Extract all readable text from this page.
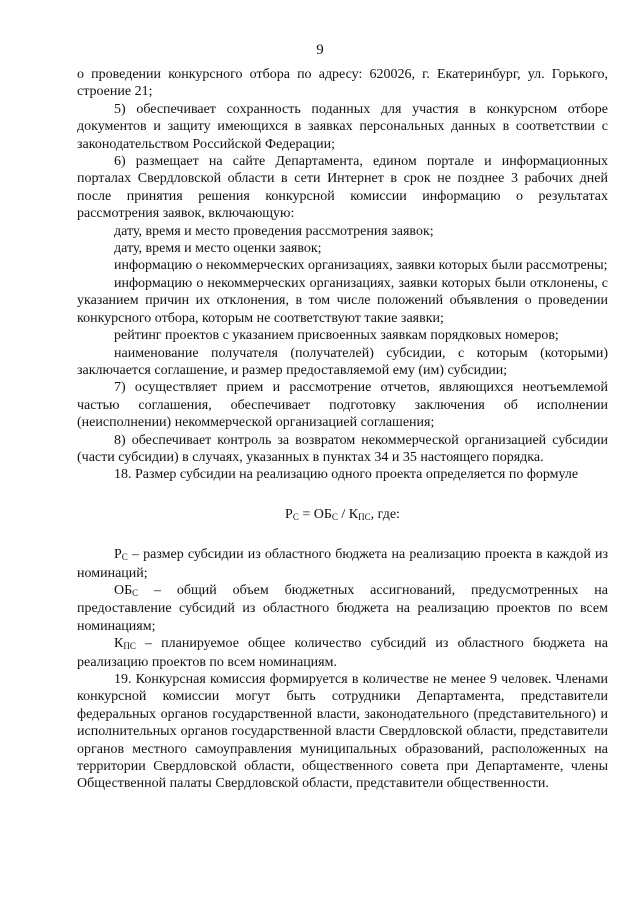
9

о проведении конкурсного отбора по адресу: 620026, г. Екатеринбург, ул. Горького, строение 21;

5) обеспечивает сохранность поданных для участия в конкурсном отборе документов и защиту имеющихся в заявках персональных данных в соответствии с законодательством Российской Федерации;

6) размещает на сайте Департамента, едином портале и информационных порталах Свердловской области в сети Интернет в срок не позднее 3 рабочих дней после принятия решения конкурсной комиссии информацию о результатах рассмотрения заявок, включающую:

дату, время и место проведения рассмотрения заявок;

дату, время и место оценки заявок;

информацию о некоммерческих организациях, заявки которых были рассмотрены;

информацию о некоммерческих организациях, заявки которых были отклонены, с указанием причин их отклонения, в том числе положений объявления о проведении конкурсного отбора, которым не соответствуют такие заявки;

рейтинг проектов с указанием присвоенных заявкам порядковых номеров;

наименование получателя (получателей) субсидии, с которым (которыми) заключается соглашение, и размер предоставляемой ему (им) субсидии;

7) осуществляет прием и рассмотрение отчетов, являющихся неотъемлемой частью соглашения, обеспечивает подготовку заключения об исполнении (неисполнении) некоммерческой организацией соглашения;

8) обеспечивает контроль за возвратом некоммерческой организацией субсидии (части субсидии) в случаях, указанных в пунктах 34 и 35 настоящего порядка.

18. Размер субсидии на реализацию одного проекта определяется по формуле

$Р_С = ОБ_С / К_{ПС}$, где:

$Р_С$ – размер субсидии из областного бюджета на реализацию проекта в каждой из номинаций;

$ОБ_С$ – общий объем бюджетных ассигнований, предусмотренных на предоставление субсидий из областного бюджета на реализацию проектов по всем номинациям;

$К_{ПС}$ – планируемое общее количество субсидий из областного бюджета на реализацию проектов по всем номинациям.

19. Конкурсная комиссия формируется в количестве не менее 9 человек. Членами конкурсной комиссии могут быть сотрудники Департамента, представители федеральных органов государственной власти, законодательного (представительного) и исполнительных органов государственной власти Свердловской области, представители органов местного самоуправления муниципальных образований, расположенных на территории Свердловской области, общественного совета при Департаменте, члены Общественной палаты Свердловской области, представители общественности.
